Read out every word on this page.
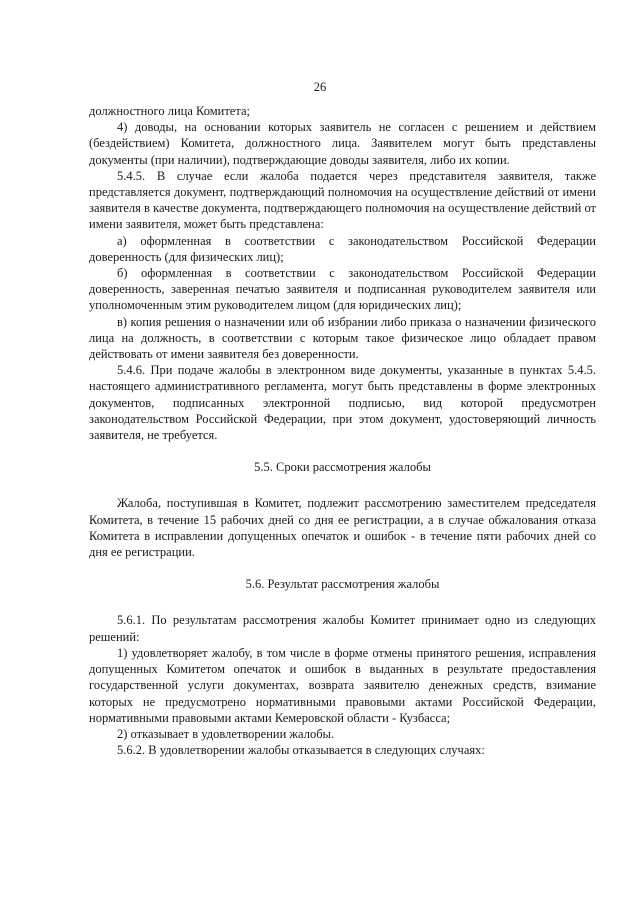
26

должностного лица Комитета;

4) доводы, на основании которых заявитель не согласен с решением и действием (бездействием) Комитета, должностного лица. Заявителем могут быть представлены документы (при наличии), подтверждающие доводы заявителя, либо их копии.

5.4.5. В случае если жалоба подается через представителя заявителя, также представляется документ, подтверждающий полномочия на осуществление действий от имени заявителя в качестве документа, подтверждающего полномочия на осуществление действий от имени заявителя, может быть представлена:

а) оформленная в соответствии с законодательством Российской Федерации доверенность (для физических лиц);

б) оформленная в соответствии с законодательством Российской Федерации доверенность, заверенная печатью заявителя и подписанная руководителем заявителя или уполномоченным этим руководителем лицом (для юридических лиц);

в) копия решения о назначении или об избрании либо приказа о назначении физического лица на должность, в соответствии с которым такое физическое лицо обладает правом действовать от имени заявителя без доверенности.

5.4.6. При подаче жалобы в электронном виде документы, указанные в пунктах 5.4.5. настоящего административного регламента, могут быть представлены в форме электронных документов, подписанных электронной подписью, вид которой предусмотрен законодательством Российской Федерации, при этом документ, удостоверяющий личность заявителя, не требуется.

5.5. Сроки рассмотрения жалобы

Жалоба, поступившая в Комитет, подлежит рассмотрению заместителем председателя Комитета, в течение 15 рабочих дней со дня ее регистрации, а в случае обжалования отказа Комитета в исправлении допущенных опечаток и ошибок - в течение пяти рабочих дней со дня ее регистрации.

5.6. Результат рассмотрения жалобы

5.6.1. По результатам рассмотрения жалобы Комитет принимает одно из следующих решений:

1) удовлетворяет жалобу, в том числе в форме отмены принятого решения, исправления допущенных Комитетом опечаток и ошибок в выданных в результате предоставления государственной услуги документах, возврата заявителю денежных средств, взимание которых не предусмотрено нормативными правовыми актами Российской Федерации, нормативными правовыми актами Кемеровской области - Кузбасса;

2) отказывает в удовлетворении жалобы.

5.6.2. В удовлетворении жалобы отказывается в следующих случаях:
